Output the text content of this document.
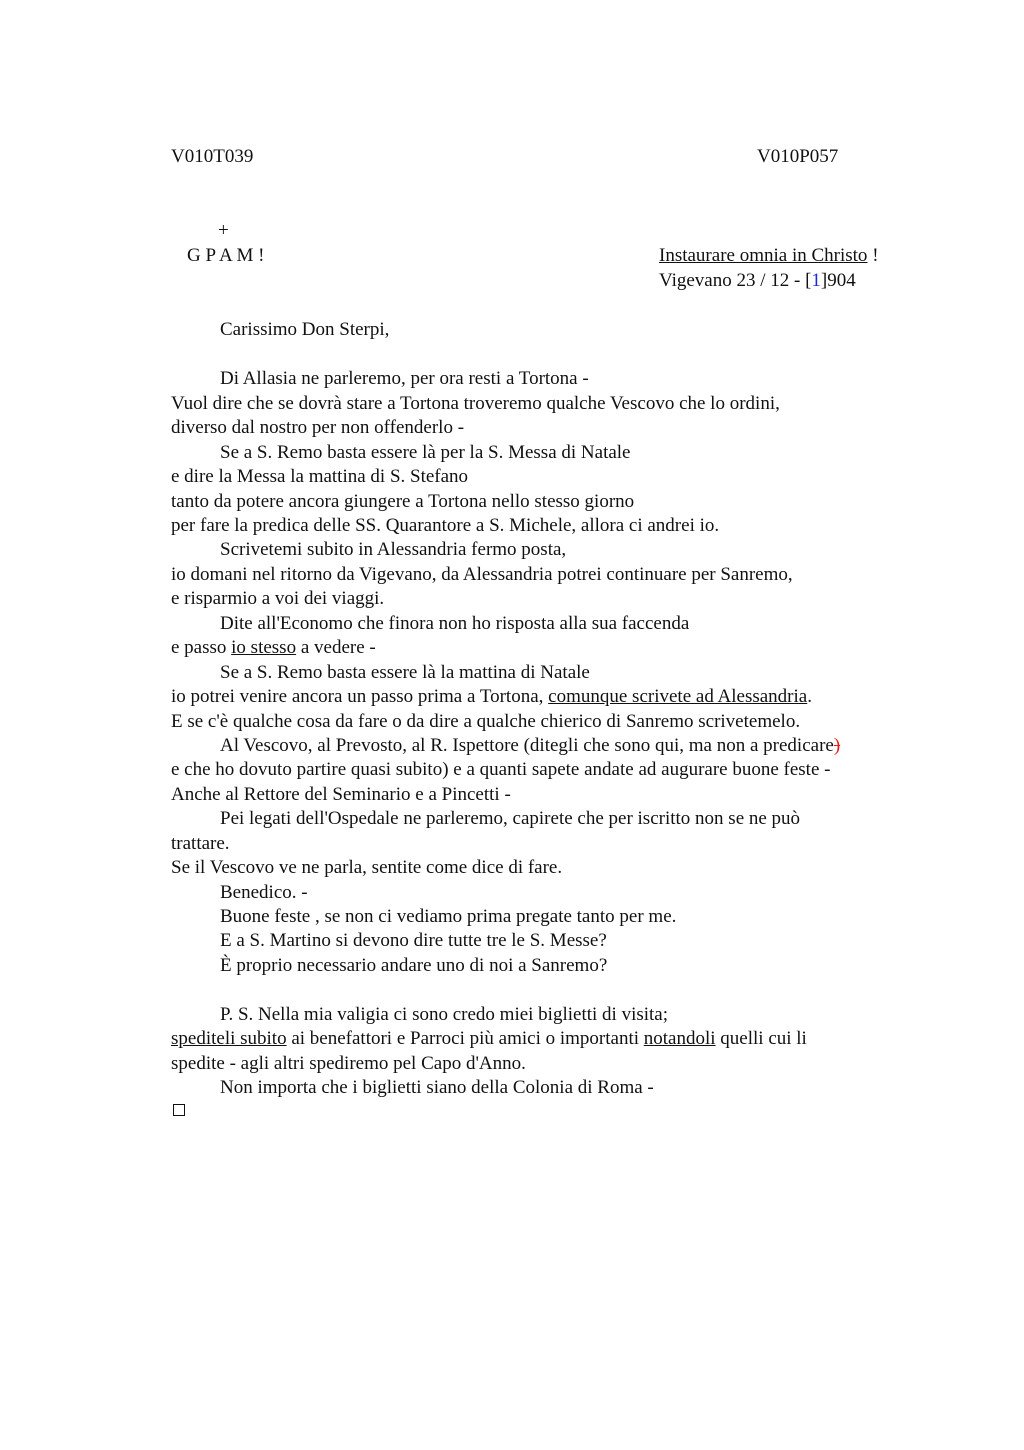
V010T039	V010P057
+
G P A M !	Instaurare omnia in Christo !
Vigevano 23 / 12 - [1]904
Carissimo Don Sterpi,
Di Allasia ne parleremo, per ora resti a Tortona -
Vuol dire che se dovrà stare a Tortona troveremo qualche Vescovo che lo ordini,
diverso dal nostro per non offenderlo -
Se a S. Remo basta essere là per la S. Messa di Natale
e dire la Messa la mattina di S. Stefano
tanto da potere ancora giungere a Tortona nello stesso giorno
per fare la predica delle SS. Quarantore a S. Michele, allora ci andrei io.
Scrivetemi subito in Alessandria fermo posta,
io domani nel ritorno da Vigevano, da Alessandria potrei continuare per Sanremo,
e risparmio a voi dei viaggi.
Dite all'Economo che finora non ho risposta alla sua faccenda
e passo io stesso a vedere -
Se a S. Remo basta essere là la mattina di Natale
io potrei venire ancora un passo prima a Tortona, comunque scrivete ad Alessandria.
E se c'è qualche cosa da fare o da dire a qualche chierico di Sanremo scrivetemelo.
Al Vescovo, al Prevosto, al R. Ispettore (ditegli che sono qui, ma non a predicare)
e che ho dovuto partire quasi subito) e a quanti sapete andate ad augurare buone feste -
Anche al Rettore del Seminario e a Pincetti -
Pei legati dell'Ospedale ne parleremo, capirete che per iscritto non se ne può
trattare.
Se il Vescovo ve ne parla, sentite come dice di fare.
Benedico. -
Buone feste , se non ci vediamo prima pregate tanto per me.
E a S. Martino si devono dire tutte tre le S. Messe?
È proprio necessario andare uno di noi a Sanremo?
P. S. Nella mia valigia ci sono credo miei biglietti di visita;
speditelі subito ai benefattori e Parroci più amici o importanti notandoli quelli cui li
spedite - agli altri spediremo pel Capo d'Anno.
Non importa che i biglietti siano della Colonia di Roma -
